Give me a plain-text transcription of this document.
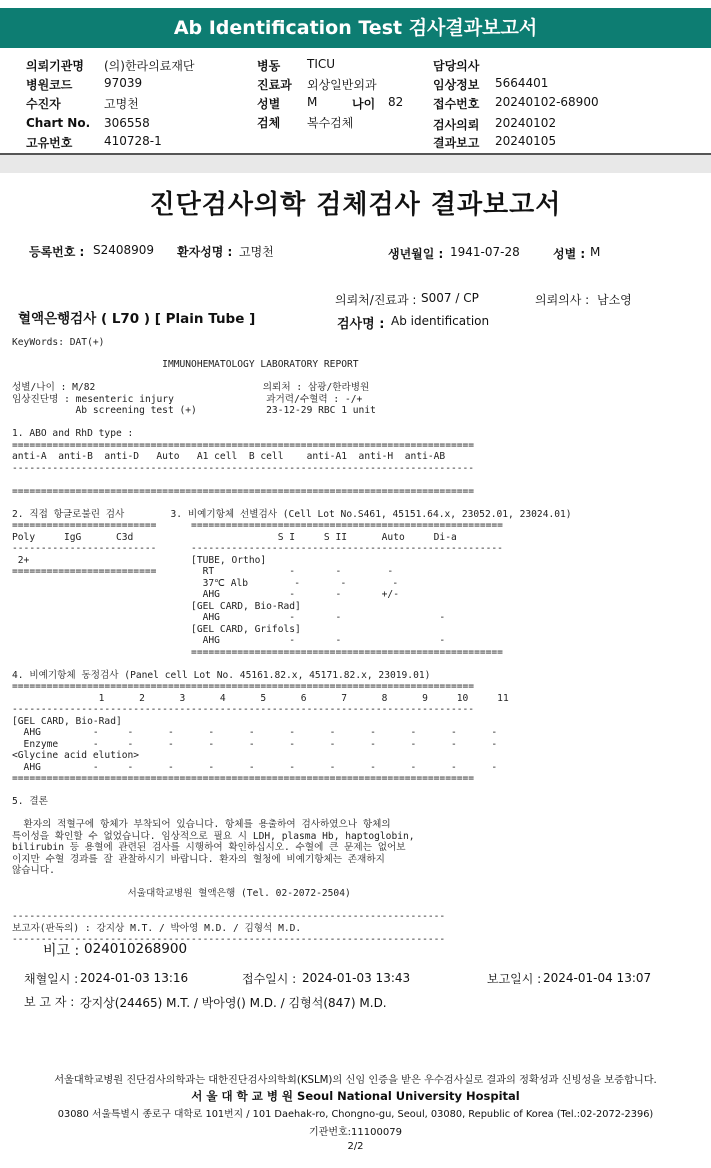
Ab Identification Test 검사결과보고서
의뢰기관명 (의)한라의료재단
병원코드	97039
수진자	고명천
Chart No. 306558
고유번호	410728-1
병동 TICU
진료과 외상일반외과
성별 M	나이 82
검체 복수검체
담당의사
임상정보 5664401
접수번호 20240102-68900
검사의뢰 20240102
결과보고 20240105
진단검사의학 검체검사 결과보고서
등록번호 : S2408909 환자성명 : 고명천	생년월일 : 1941-07-28	성별 : M
의뢰처/진료과 : S007 / CP	의뢰의사 : 남소영
혈액은행검사 ( L70 ) [ Plain Tube ]	검사명 : Ab identification
KeyWords: DAT(+)
IMMUNOHEMATOLOGY LABORATORY REPORT

성별/나이 : M/82                             의뢰처 : 삼광/한라병원
임상진단명 : mesenteric injury                과거력/수혈력 : -/+
Ab screening test (+)            23-12-29 RBC 1 unit

1. ABO and RhD type :
================================================================================
anti-A  anti-B  anti-D   Auto   A1 cell  B cell    anti-A1  anti-H  anti-AB
--------------------------------------------------------------------------------

================================================================================

2. 직접 항글로불린 검사        3. 비예기항체 선별검사 (Cell Lot No.S461, 45151.64.x, 23052.01, 23024.01)
=========================      ======================================================
Poly     IgG      C3d                         S I     S II      Auto     Di-a
-------------------------      ------------------------------------------------------
2+                            [TUBE, Ortho]
=========================        RT             -       -        -
37℃ Alb        -       -        -
AHG            -       -       +/-
[GEL CARD, Bio-Rad]
AHG            -       -                 -
[GEL CARD, Grifols]
AHG            -       -                 -
======================================================

4. 비예기항체 동정검사 (Panel cell Lot No. 45161.82.x, 45171.82.x, 23019.01)
================================================================================
1      2      3      4      5      6      7      8      9     10     11
--------------------------------------------------------------------------------
[GEL CARD, Bio-Rad]
AHG         -     -      -      -      -      -      -      -      -      -      -
Enzyme      -     -      -      -      -      -      -      -      -      -      -
<Glycine acid elution>
AHG         -     -      -      -      -      -      -      -      -      -      -
================================================================================

5. 결론

환자의 적혈구에 항체가 부착되어 있습니다. 항체를 용출하여 검사하였으나 항체의
특이성을 확인할 수 없었습니다. 임상적으로 필요 시 LDH, plasma Hb, haptoglobin,
bilirubin 등 용혈에 관련된 검사를 시행하여 확인하십시오. 수혈에 큰 문제는 없어보
이지만 수혈 경과를 잘 관찰하시기 바랍니다. 환자의 혈청에 비예기항체는 존재하지
않습니다.

서울대학교병원 혈액은행 (Tel. 02-2072-2504)

---------------------------------------------------------------------------
보고자(판독의) : 강지상 M.T. / 박아영 M.D. / 김형석 M.D.
---------------------------------------------------------------------------
비고 : 024010268900
채혈일시 : 2024-01-03 13:16	접수일시 : 2024-01-03 13:43	보고일시 : 2024-01-04 13:07
보 고 자 : 강지상(24465) M.T. / 박아영() M.D. / 김형석(847) M.D.
서울대학교병원 진단검사의학과는 대한진단검사의학회(KSLM)의 신임 인증을 받은 우수검사실로 결과의 정확성과 신빙성을 보증합니다.
서 울 대 학 교 병 원 Seoul National University Hospital
03080 서울특별시 종로구 대학로 101번지 / 101 Daehak-ro, Chongno-gu, Seoul, 03080, Republic of Korea (Tel.:02-2072-2396)
기관번호:11100079
2/2
